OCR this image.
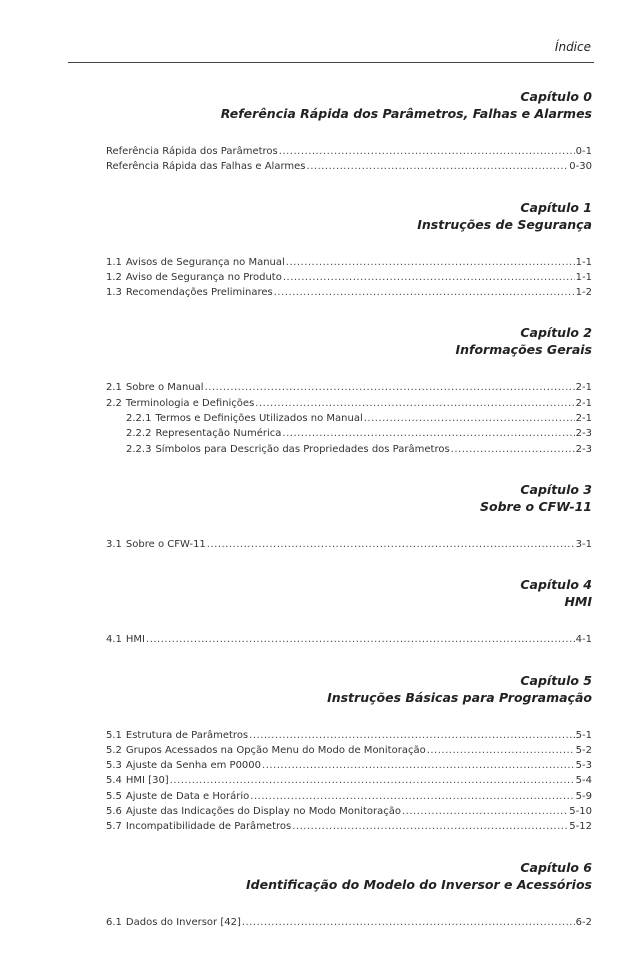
Índice
Capítulo 0
Referência Rápida dos Parâmetros, Falhas e Alarmes
Referência Rápida dos Parâmetros .....	0-1
Referência Rápida das Falhas e Alarmes .....	0-30
Capítulo 1
Instruções de Segurança
1.1 Avisos de Segurança no Manual .....	1-1
1.2 Aviso de Segurança no Produto .....	1-1
1.3 Recomendações Preliminares .....	1-2
Capítulo 2
Informações Gerais
2.1 Sobre o Manual .....	2-1
2.2 Terminologia e Definições .....	2-1
2.2.1 Termos e Definições Utilizados no Manual .....	2-1
2.2.2 Representação Numérica .....	2-3
2.2.3 Símbolos para Descrição das Propriedades dos Parâmetros .....	2-3
Capítulo 3
Sobre o CFW-11
3.1 Sobre o CFW-11 .....	3-1
Capítulo 4
HMI
4.1 HMI .....	4-1
Capítulo 5
Instruções Básicas para Programação
5.1 Estrutura de Parâmetros .....	5-1
5.2 Grupos Acessados na Opção Menu do Modo de Monitoração .....	5-2
5.3 Ajuste da Senha em P0000 .....	5-3
5.4 HMI [30] .....	5-4
5.5 Ajuste de Data e Horário .....	5-9
5.6 Ajuste das Indicações do Display no Modo Monitoração .....	5-10
5.7 Incompatibilidade de Parâmetros .....	5-12
Capítulo 6
Identificação do Modelo do Inversor e Acessórios
6.1 Dados do Inversor [42] .....	6-2
